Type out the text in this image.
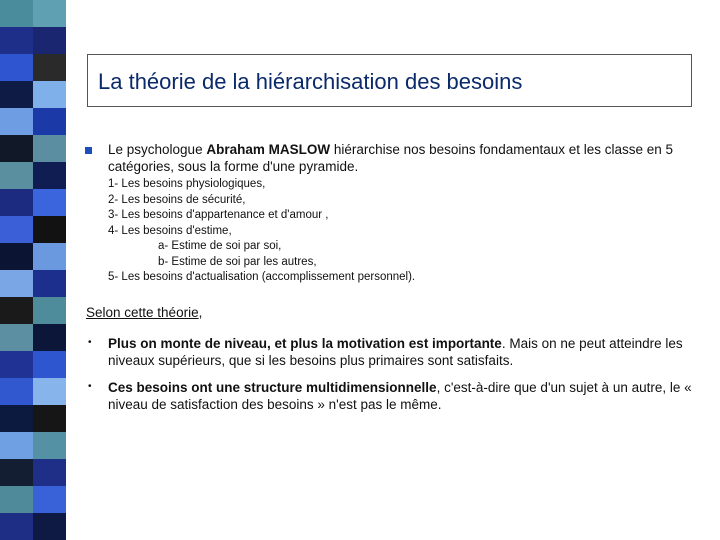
La théorie de la hiérarchisation des besoins
Le psychologue Abraham MASLOW hiérarchise nos besoins fondamentaux et les classe en 5 catégories, sous la forme d'une pyramide.
1- Les besoins physiologiques,
2- Les besoins de sécurité,
3- Les besoins d'appartenance et d'amour ,
4- Les besoins d'estime,
a- Estime de soi par soi,
b- Estime de soi par les autres,
5- Les besoins d'actualisation (accomplissement personnel).
Selon cette théorie,
• Plus on monte de niveau, et plus la motivation est importante. Mais on ne peut atteindre les niveaux supérieurs, que si les besoins plus primaires sont satisfaits.
• Ces besoins ont une structure multidimensionnelle, c'est-à-dire que d'un sujet à un autre, le « niveau de satisfaction des besoins » n'est pas le même.
